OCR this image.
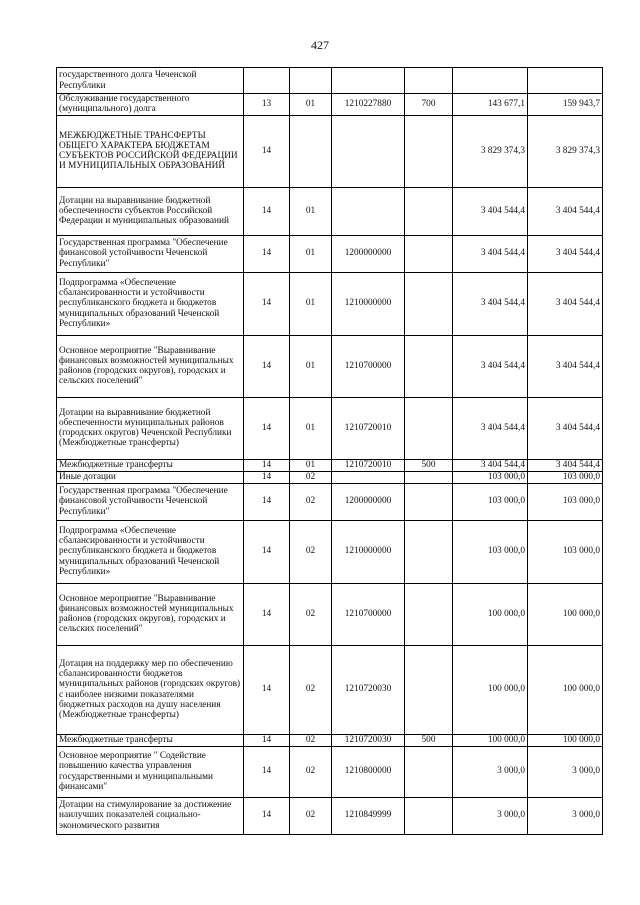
427
государственного долга Чеченской Республики						
Обслуживание государственного (муниципального) долга	13	01	1210227880	700	143 677,1	159 943,7
МЕЖБЮДЖЕТНЫЕ ТРАНСФЕРТЫ ОБЩЕГО ХАРАКТЕРА БЮДЖЕТАМ СУБЪЕКТОВ РОССИЙСКОЙ ФЕДЕРАЦИИ И МУНИЦИПАЛЬНЫХ ОБРАЗОВАНИЙ	14				3 829 374,3	3 829 374,3
Дотации на выравнивание бюджетной обеспеченности субъектов Российской Федерации и муниципальных образований	14	01			3 404 544,4	3 404 544,4
Государственная программа "Обеспечение финансовой устойчивости Чеченской Республики"	14	01	1200000000		3 404 544,4	3 404 544,4
Подпрограмма «Обеспечение сбалансированности и устойчивости республиканского бюджета и бюджетов муниципальных образований Чеченской Республики»	14	01	1210000000		3 404 544,4	3 404 544,4
Основное мероприятие "Выравнивание финансовых возможностей муниципальных районов (городских округов), городских и сельских поселений"	14	01	1210700000		3 404 544,4	3 404 544,4
Дотации на выравнивание бюджетной обеспеченности муниципальных районов (городских округов) Чеченской Республики (Межбюджетные трансферты)	14	01	1210720010		3 404 544,4	3 404 544,4
Межбюджетные трансферты	14	01	1210720010	500	3 404 544,4	3 404 544,4
Иные дотации	14	02			103 000,0	103 000,0
Государственная программа "Обеспечение финансовой устойчивости Чеченской Республики"	14	02	1200000000		103 000,0	103 000,0
Подпрограмма «Обеспечение сбалансированности и устойчивости республиканского бюджета и бюджетов муниципальных образований Чеченской Республики»	14	02	1210000000		103 000,0	103 000,0
Основное мероприятие "Выравнивание финансовых возможностей муниципальных районов (городских округов), городских и сельских поселений"	14	02	1210700000		100 000,0	100 000,0
Дотация на поддержку мер по обеспечению сбалансированности бюджетов муниципальных районов (городских округов) с наиболее низкими показателями бюджетных расходов на душу населения (Межбюджетные трансферты)	14	02	1210720030		100 000,0	100 000,0
Межбюджетные трансферты	14	02	1210720030	500	100 000,0	100 000,0
Основное мероприятие " Содействие повышению качества управления государственными и муниципальными финансами"	14	02	1210800000		3 000,0	3 000,0
Дотации на стимулирование за достижение наилучших показателей социально-экономического развития	14	02	1210849999		3 000,0	3 000,0
